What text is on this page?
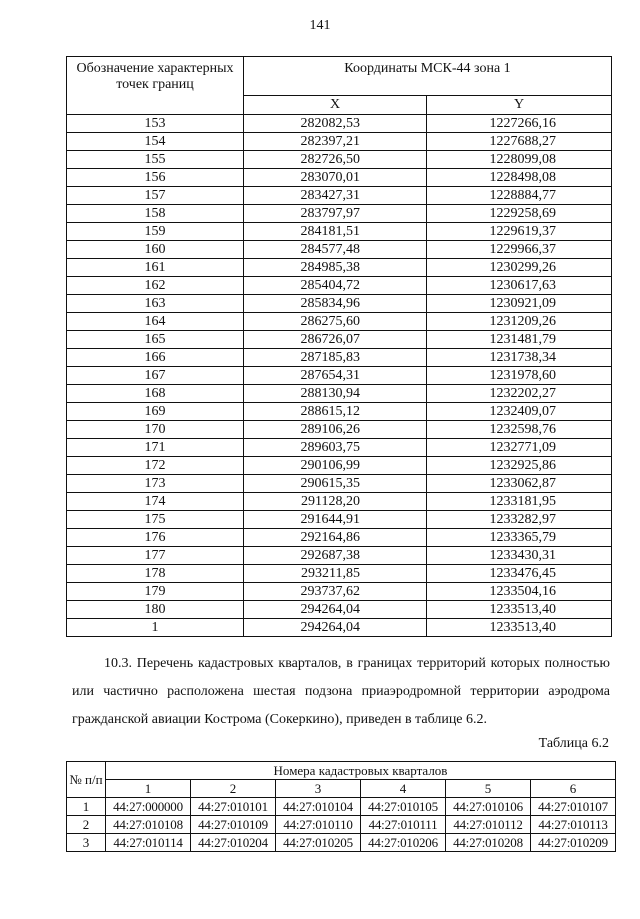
141
Обозначение характерных точек границ	Координаты МСК-44 зона 1	
	X	Y
153	282082,53	1227266,16
154	282397,21	1227688,27
155	282726,50	1228099,08
156	283070,01	1228498,08
157	283427,31	1228884,77
158	283797,97	1229258,69
159	284181,51	1229619,37
160	284577,48	1229966,37
161	284985,38	1230299,26
162	285404,72	1230617,63
163	285834,96	1230921,09
164	286275,60	1231209,26
165	286726,07	1231481,79
166	287185,83	1231738,34
167	287654,31	1231978,60
168	288130,94	1232202,27
169	288615,12	1232409,07
170	289106,26	1232598,76
171	289603,75	1232771,09
172	290106,99	1232925,86
173	290615,35	1233062,87
174	291128,20	1233181,95
175	291644,91	1233282,97
176	292164,86	1233365,79
177	292687,38	1233430,31
178	293211,85	1233476,45
179	293737,62	1233504,16
180	294264,04	1233513,40
1	294264,04	1233513,40
10.3. Перечень кадастровых кварталов, в границах территорий которых полностью или частично расположена шестая подзона приаэродромной территории аэродрома гражданской авиации Кострома (Сокеркино), приведен в таблице 6.2.
Таблица 6.2
№ п/п	Номера кадастровых кварталов					
	1	2	3	4	5	6
1	44:27:000000	44:27:010101	44:27:010104	44:27:010105	44:27:010106	44:27:010107
2	44:27:010108	44:27:010109	44:27:010110	44:27:010111	44:27:010112	44:27:010113
3	44:27:010114	44:27:010204	44:27:010205	44:27:010206	44:27:010208	44:27:010209
